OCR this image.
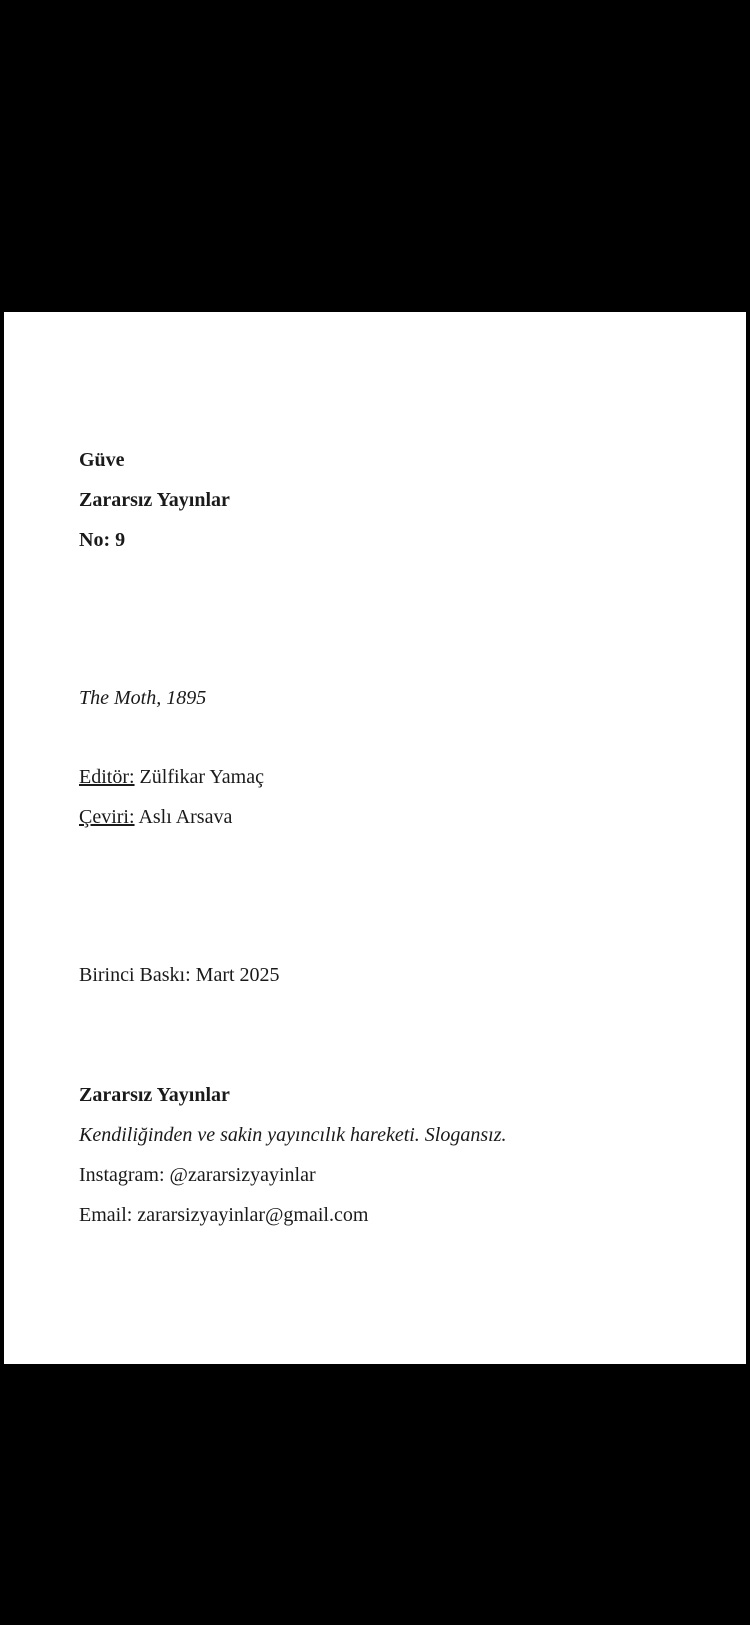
Güve
Zararsız Yayınlar
No: 9
The Moth, 1895
Editör: Zülfikar Yamaç
Çeviri: Aslı Arsava
Birinci Baskı: Mart 2025
Zararsız Yayınlar
Kendiliğinden ve sakin yayıncılık hareketi. Slogansız.
Instagram: @zararsizyayinlar
Email: zararsizyayinlar@gmail.com
